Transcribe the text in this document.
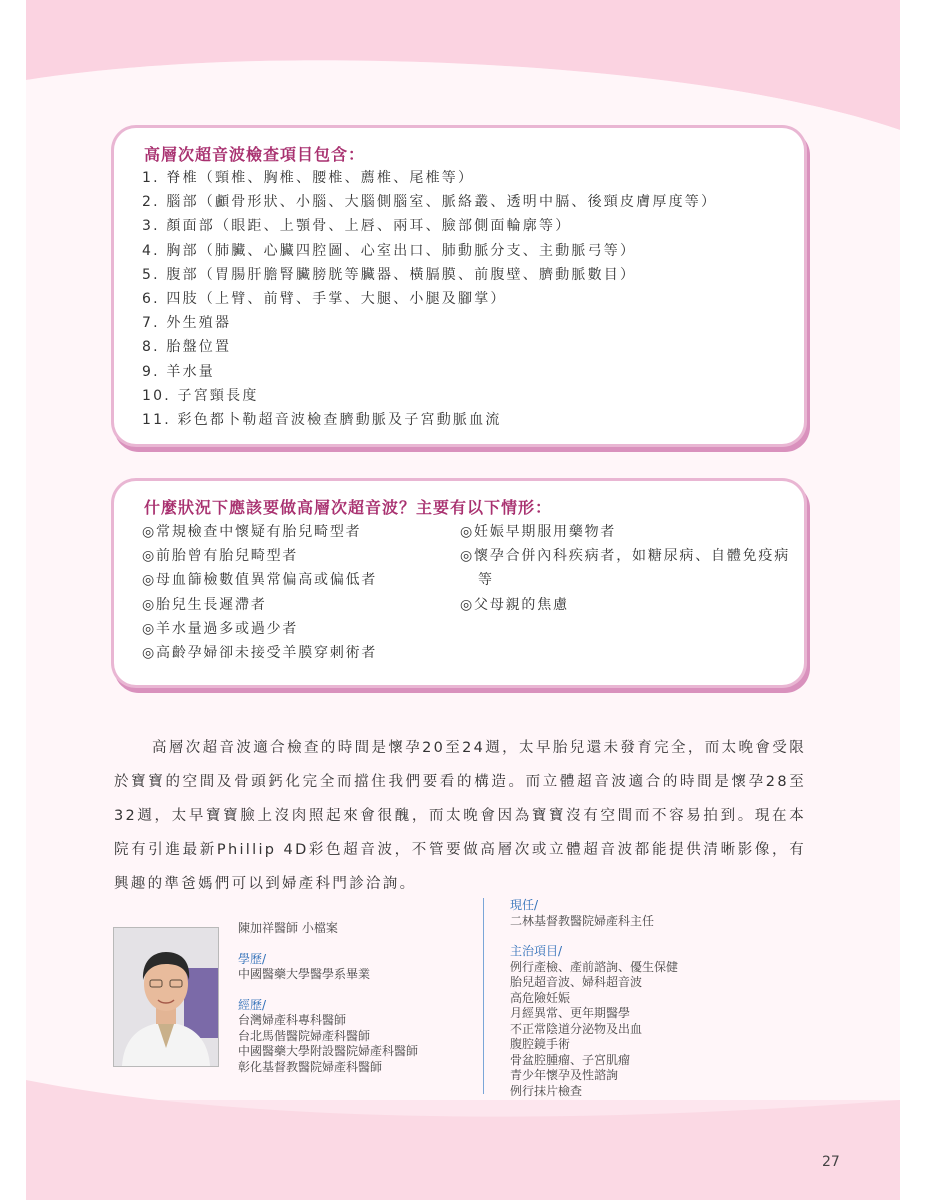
高層次超音波檢查項目包含：
1. 脊椎（頸椎、胸椎、腰椎、薦椎、尾椎等）
2. 腦部（顱骨形狀、小腦、大腦側腦室、脈絡叢、透明中膈、後頸皮膚厚度等）
3. 顏面部（眼距、上顎骨、上唇、兩耳、臉部側面輪廓等）
4. 胸部（肺臟、心臟四腔圖、心室出口、肺動脈分支、主動脈弓等）
5. 腹部（胃腸肝膽腎臟膀胱等臟器、橫膈膜、前腹壁、臍動脈數目）
6. 四肢（上臂、前臂、手掌、大腿、小腿及腳掌）
7. 外生殖器
8. 胎盤位置
9. 羊水量
10. 子宮頸長度
11. 彩色都卜勒超音波檢查臍動脈及子宮動脈血流
什麼狀況下應該要做高層次超音波？主要有以下情形：
◎常規檢查中懷疑有胎兒畸型者
◎前胎曾有胎兒畸型者
◎母血篩檢數值異常偏高或偏低者
◎胎兒生長遲滯者
◎羊水量過多或過少者
◎高齡孕婦卻未接受羊膜穿刺術者
◎妊娠早期服用藥物者
◎懷孕合併內科疾病者，如糖尿病、自體免疫病等
◎父母親的焦慮

高層次超音波適合檢查的時間是懷孕20至24週，太早胎兒還未發育完全，而太晚會受限於寶寶的空間及骨頭鈣化完全而擋住我們要看的構造。而立體超音波適合的時間是懷孕28至32週，太早寶寶臉上沒肉照起來會很醜，而太晚會因為寶寶沒有空間而不容易拍到。現在本院有引進最新Phillip 4D彩色超音波，不管要做高層次或立體超音波都能提供清晰影像，有興趣的準爸媽們可以到婦產科門診洽詢。

陳加祥醫師 小檔案
學歷/
中國醫藥大學醫學系畢業
經歷/
台灣婦產科專科醫師
台北馬偕醫院婦產科醫師
中國醫藥大學附設醫院婦產科醫師
彰化基督教醫院婦產科醫師
現任/
二林基督教醫院婦產科主任
主治項目/
例行產檢、產前諮詢、優生保健
胎兒超音波、婦科超音波
高危險妊娠
月經異常、更年期醫學
不正常陰道分泌物及出血
腹腔鏡手術
骨盆腔腫瘤、子宮肌瘤
青少年懷孕及性諮詢
例行抹片檢查
27
